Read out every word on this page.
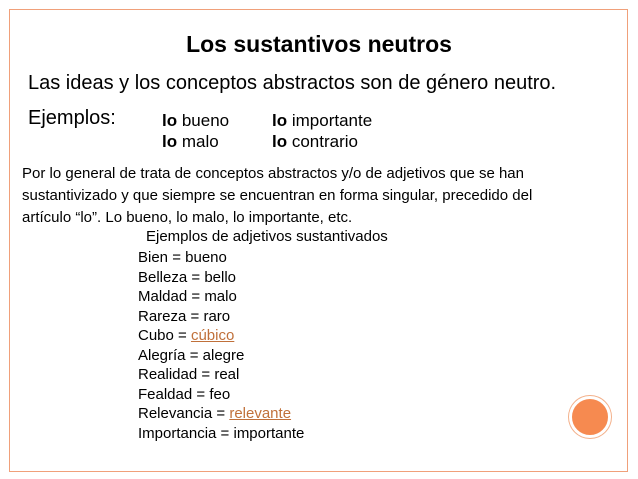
Los sustantivos neutros
Las ideas y los conceptos abstractos son de género neutro.
Ejemplos:	lo bueno
lo malo
lo importante
lo contrario
Por lo general de trata de conceptos abstractos y/o de adjetivos que se han sustantivizado y que siempre se encuentran en forma singular, precedido del artículo “lo”. Lo bueno, lo malo, lo importante, etc.
Ejemplos de adjetivos sustantivados
Bien = bueno
Belleza = bello
Maldad = malo
Rareza = raro
Cubo = cúbico
Alegría = alegre
Realidad = real
Fealdad = feo
Relevancia = relevante
Importancia = importante
